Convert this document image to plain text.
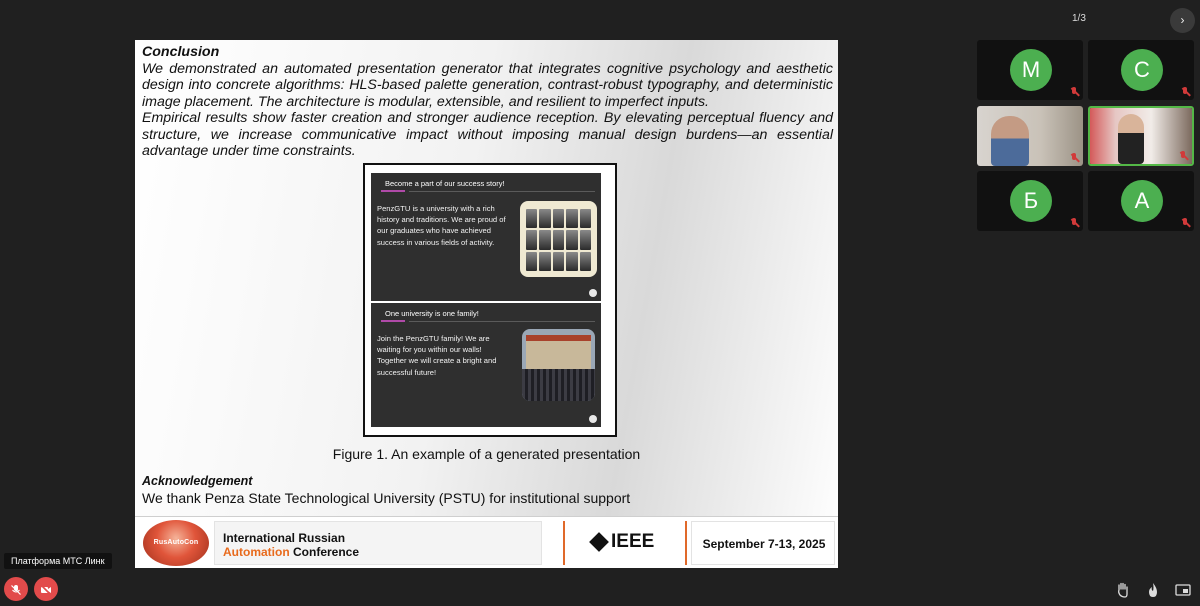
Conclusion

We demonstrated an automated presentation generator that integrates cognitive psychology and aesthetic design into concrete algorithms: HLS-based palette generation, contrast-robust typography, and deterministic image placement. The architecture is modular, extensible, and resilient to imperfect inputs.

Empirical results show faster creation and stronger audience reception. By elevating perceptual fluency and structure, we increase communicative impact without imposing manual design burdens—an essential advantage under time constraints.

Become a part of our success story!
PenzGTU is a university with a rich history and traditions. We are proud of our graduates who have achieved success in various fields of activity.
One university is one family!
Join the PenzGTU family! We are waiting for you within our walls! Together we will create a bright and successful future!
Figure 1. An example of a generated presentation
Acknowledgement
We thank Penza State Technological University (PSTU) for institutional support
RusAutoCon	International Russian
Automation Conference	IEEE	September 7-13, 2025
1/3	›
М	С
Б	А
Платформа МТС Линк
